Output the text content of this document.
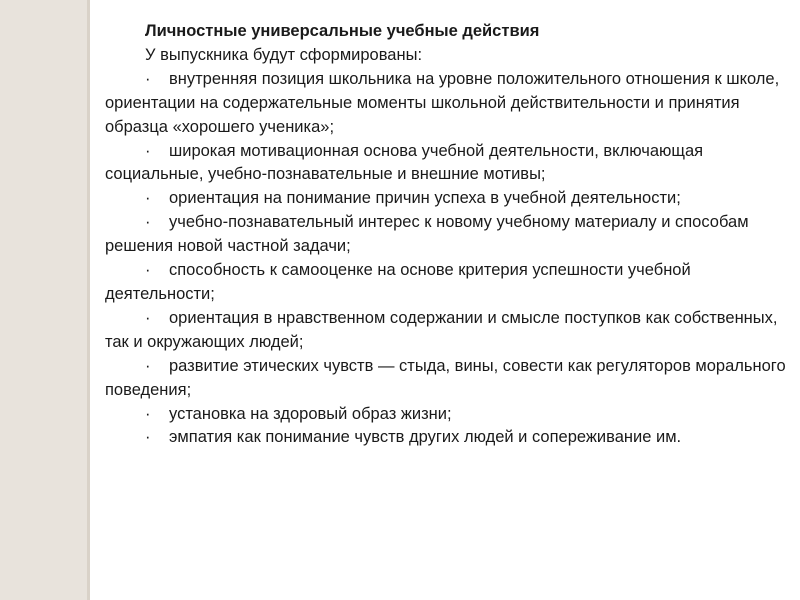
Личностные универсальные учебные действия

У выпускника будут сформированы:

· внутренняя позиция школьника на уровне положительного отношения к школе, ориентации на содержательные моменты школьной действительности и принятия образца «хорошего ученика»;
· широкая мотивационная основа учебной деятельности, включающая социальные, учебно-познавательные и внешние мотивы;
· ориентация на понимание причин успеха в учебной деятельности;
· учебно-познавательный интерес к новому учебному материалу и способам решения новой частной задачи;
· способность к самооценке на основе критерия успешности учебной деятельности;
· ориентация в нравственном содержании и смысле поступков как собственных, так и окружающих людей;
· развитие этических чувств — стыда, вины, совести как регуляторов морального поведения;
· установка на здоровый образ жизни;
· эмпатия как понимание чувств других людей и сопереживание им.
